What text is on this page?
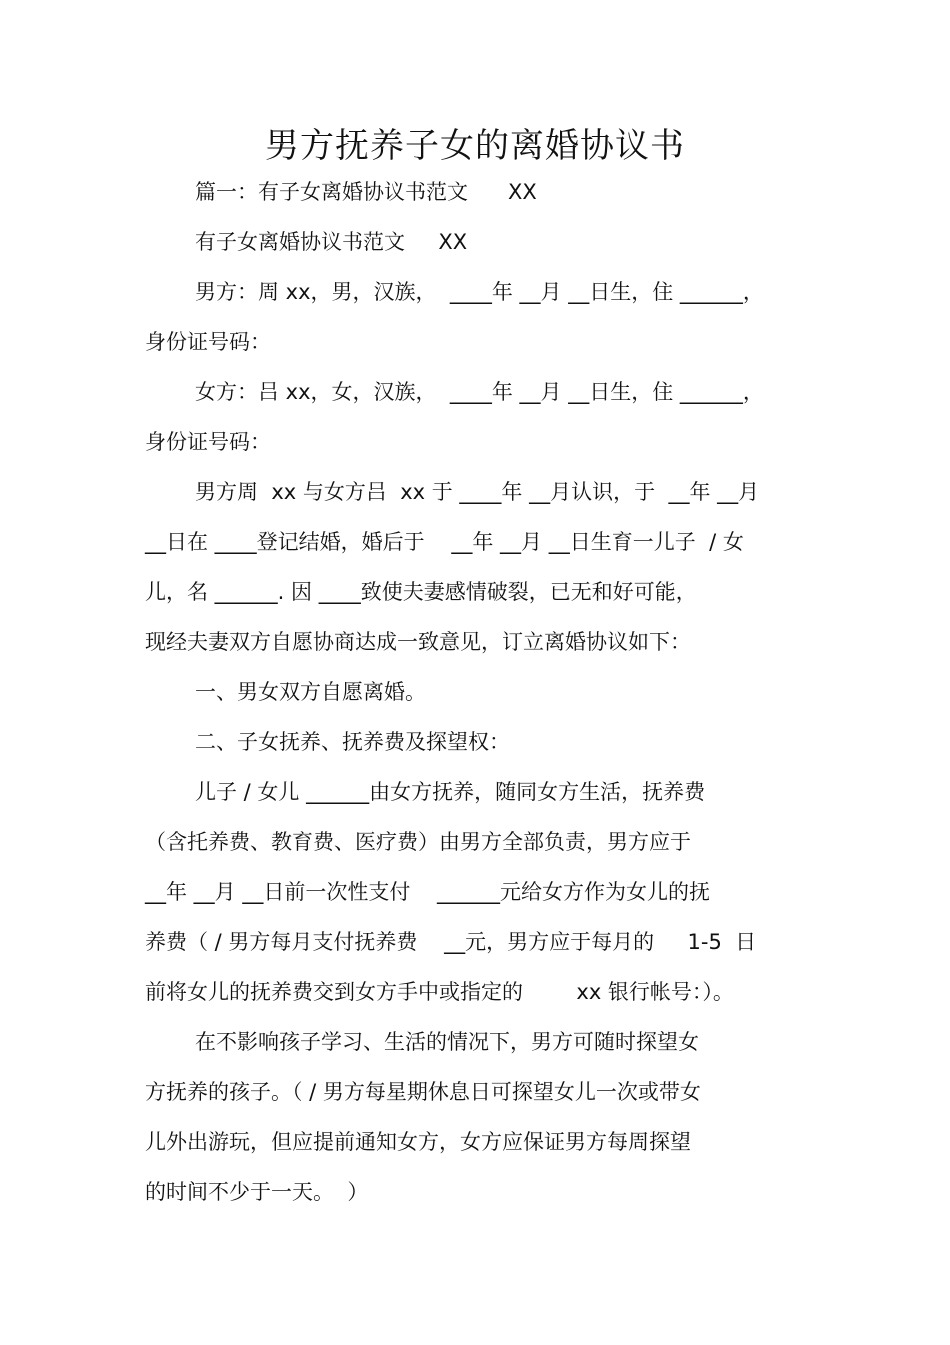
男方抚养子女的离婚协议书
篇一：有子女离婚协议书范文      XX
有子女离婚协议书范文     XX
男方：周 xx，男，汉族，  ____年 __月 __日生，住 ______，
身份证号码：
女方：吕 xx，女，汉族，  ____年 __月 __日生，住 ______，
身份证号码：
男方周  xx 与女方吕  xx 于 ____年 __月认识，于  __年 __月
__日在 ____登记结婚，婚后于    __年 __月 __日生育一儿子  / 女
儿，名 ______. 因 ____致使夫妻感情破裂，已无和好可能，
现经夫妻双方自愿协商达成一致意见，订立离婚协议如下：
一、男女双方自愿离婚。
二、子女抚养、抚养费及探望权：
儿子 / 女儿 ______由女方抚养，随同女方生活，抚养费
（含托养费、教育费、医疗费）由男方全部负责，男方应于
__年 __月 __日前一次性支付    ______元给女方作为女儿的抚
养费（ / 男方每月支付抚养费    __元，男方应于每月的     1-5  日
前将女儿的抚养费交到女方手中或指定的        xx 银行帐号：）。
在不影响孩子学习、生活的情况下，男方可随时探望女
方抚养的孩子。（ / 男方每星期休息日可探望女儿一次或带女
儿外出游玩，但应提前通知女方，女方应保证男方每周探望
的时间不少于一天。  ）
